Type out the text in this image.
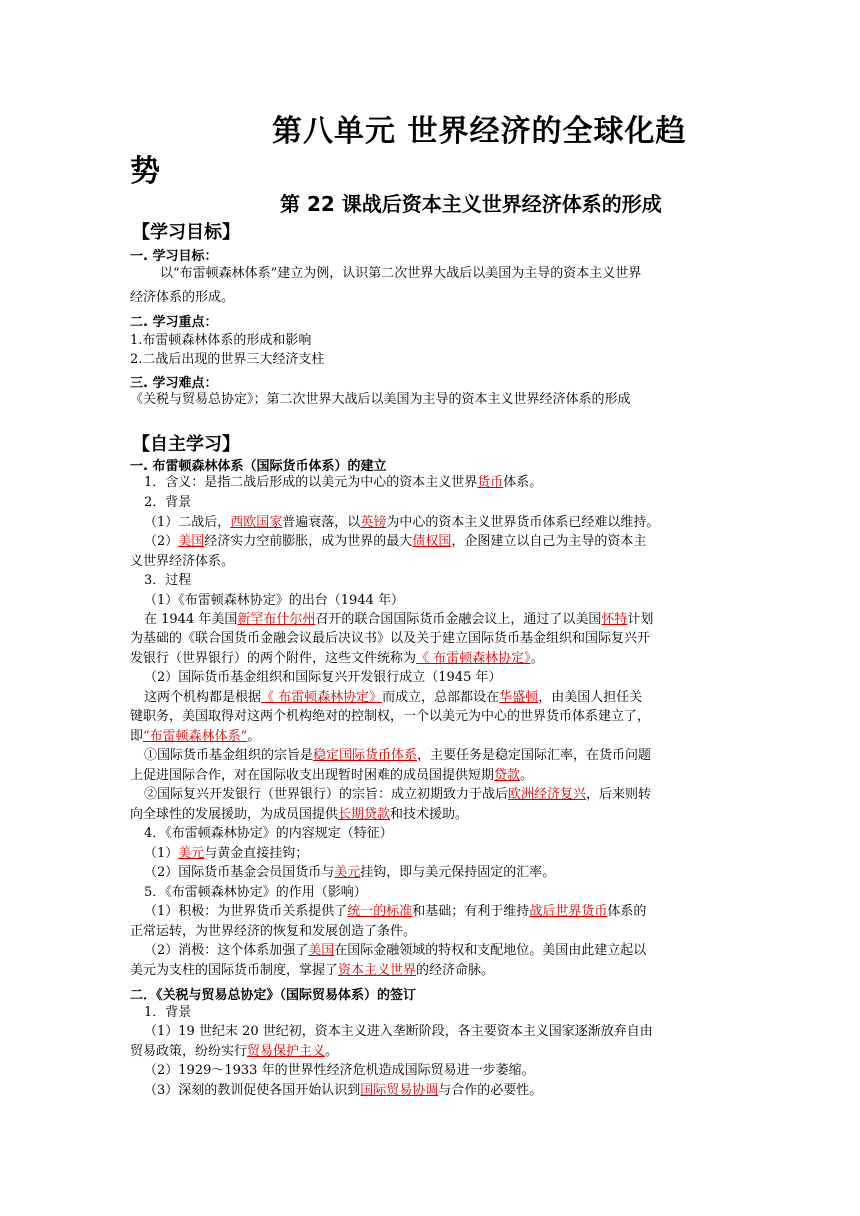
第八单元 世界经济的全球化趋
势
第 22 课战后资本主义世界经济体系的形成
【学习目标】
一. 学习目标：
以“布雷顿森林体系”建立为例，认识第二次世界大战后以美国为主导的资本主义世界
经济体系的形成。
二. 学习重点：
1.布雷顿森林体系的形成和影响
2.二战后出现的世界三大经济支柱
三. 学习难点：
《关税与贸易总协定》；第二次世界大战后以美国为主导的资本主义世界经济体系的形成
【自主学习】
一. 布雷顿森林体系（国际货币体系）的建立
1．含义：是指二战后形成的以美元为中心的资本主义世界货币体系。
2．背景
（1）二战后，西欧国家普遍衰落，以英镑为中心的资本主义世界货币体系已经难以维持。
（2）美国经济实力空前膨胀，成为世界的最大债权国，企图建立以自己为主导的资本主
义世界经济体系。
3．过程
（1）《布雷顿森林协定》的出台（1944 年）
在 1944 年美国新罕布什尔州召开的联合国国际货币金融会议上，通过了以美国怀特计划
为基础的《联合国货币金融会议最后决议书》以及关于建立国际货币基金组织和国际复兴开
发银行（世界银行）的两个附件，这些文件统称为《 布雷顿森林协定》。
（2）国际货币基金组织和国际复兴开发银行成立（1945 年）
这两个机构都是根据《 布雷顿森林协定》而成立，总部都设在华盛顿，由美国人担任关
键职务，美国取得对这两个机构绝对的控制权，一个以美元为中心的世界货币体系建立了，
即“布雷顿森林体系”。
①国际货币基金组织的宗旨是稳定国际货币体系，主要任务是稳定国际汇率，在货币问题
上促进国际合作，对在国际收支出现暂时困难的成员国提供短期贷款。
②国际复兴开发银行（世界银行）的宗旨：成立初期致力于战后欧洲经济复兴，后来则转
向全球性的发展援助，为成员国提供长期贷款和技术援助。
4．《布雷顿森林协定》的内容规定（特征）
（1）美元与黄金直接挂钩；
（2）国际货币基金会员国货币与美元挂钩，即与美元保持固定的汇率。
5．《布雷顿森林协定》的作用（影响）
（1）积极：为世界货币关系提供了统一的标准和基础；有利于维持战后世界货币体系的
正常运转，为世界经济的恢复和发展创造了条件。
（2）消极：这个体系加强了美国在国际金融领域的特权和支配地位。美国由此建立起以
美元为支柱的国际货币制度，掌握了资本主义世界的经济命脉。
二．《关税与贸易总协定》（国际贸易体系）的签订
1．背景
（1）19 世纪末 20 世纪初，资本主义进入垄断阶段，各主要资本主义国家逐渐放弃自由
贸易政策，纷纷实行贸易保护主义。
（2）1929～1933 年的世界性经济危机造成国际贸易进一步萎缩。
（3）深刻的教训促使各国开始认识到国际贸易协调与合作的必要性。
